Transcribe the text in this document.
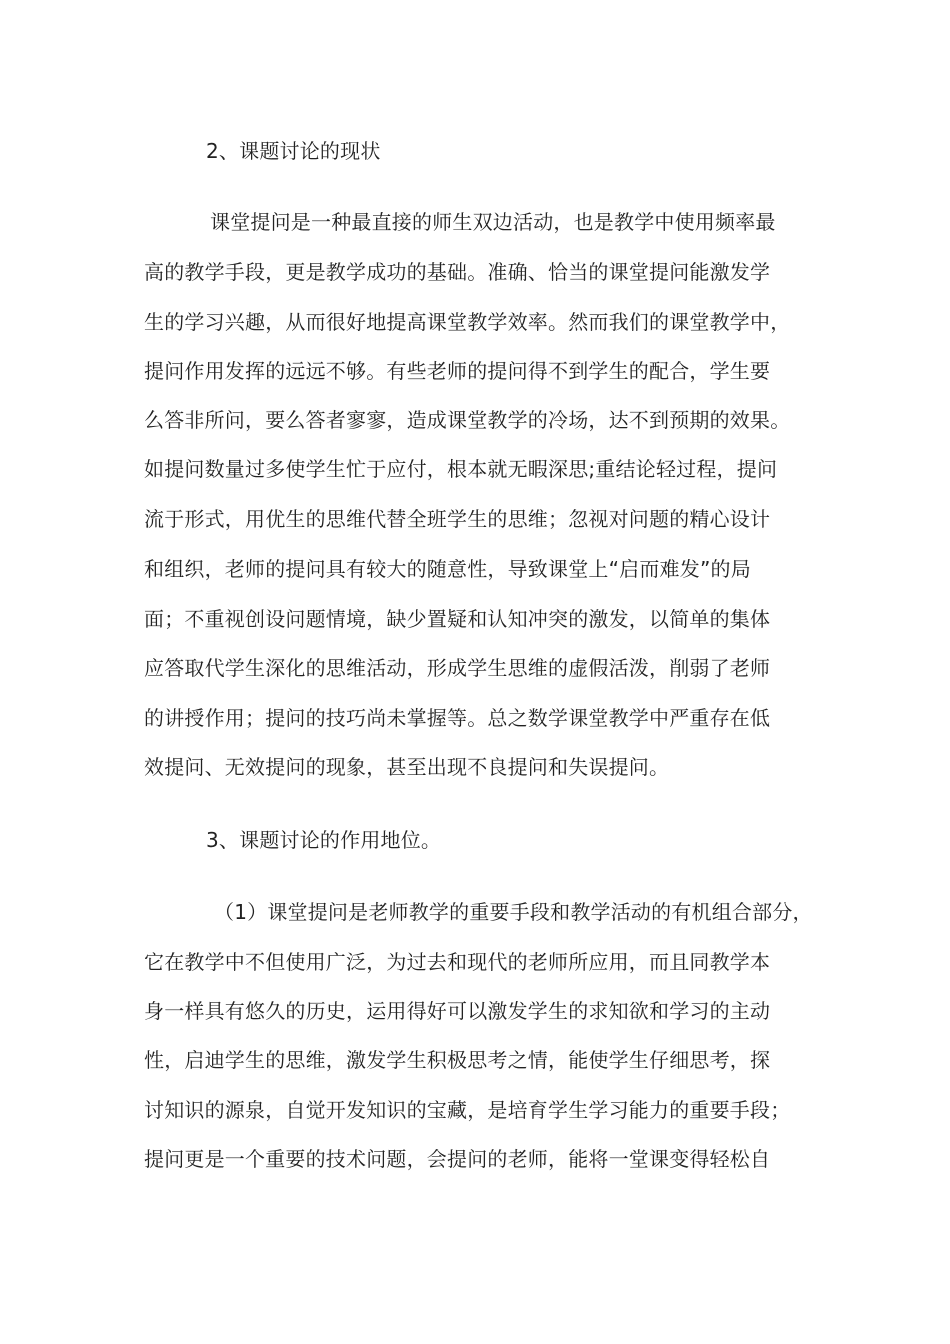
2、课题讨论的现状

课堂提问是一种最直接的师生双边活动，也是教学中使用频率最

高的教学手段，更是教学成功的基础。准确、恰当的课堂提问能激发学

生的学习兴趣，从而很好地提高课堂教学效率。然而我们的课堂教学中，

提问作用发挥的远远不够。有些老师的提问得不到学生的配合，学生要

么答非所问，要么答者寥寥，造成课堂教学的冷场，达不到预期的效果。

如提问数量过多使学生忙于应付，根本就无暇深思;重结论轻过程，提问

流于形式，用优生的思维代替全班学生的思维；忽视对问题的精心设计

和组织，老师的提问具有较大的随意性，导致课堂上“启而难发”的局

面；不重视创设问题情境，缺少置疑和认知冲突的激发，以简单的集体

应答取代学生深化的思维活动，形成学生思维的虚假活泼，削弱了老师

的讲授作用；提问的技巧尚未掌握等。总之数学课堂教学中严重存在低

效提问、无效提问的现象，甚至出现不良提问和失误提问。

3、课题讨论的作用地位。

（1）课堂提问是老师教学的重要手段和教学活动的有机组合部分，

它在教学中不但使用广泛，为过去和现代的老师所应用，而且同教学本

身一样具有悠久的历史，运用得好可以激发学生的求知欲和学习的主动

性，启迪学生的思维，激发学生积极思考之情，能使学生仔细思考，探

讨知识的源泉，自觉开发知识的宝藏，是培育学生学习能力的重要手段；

提问更是一个重要的技术问题，会提问的老师，能将一堂课变得轻松自
